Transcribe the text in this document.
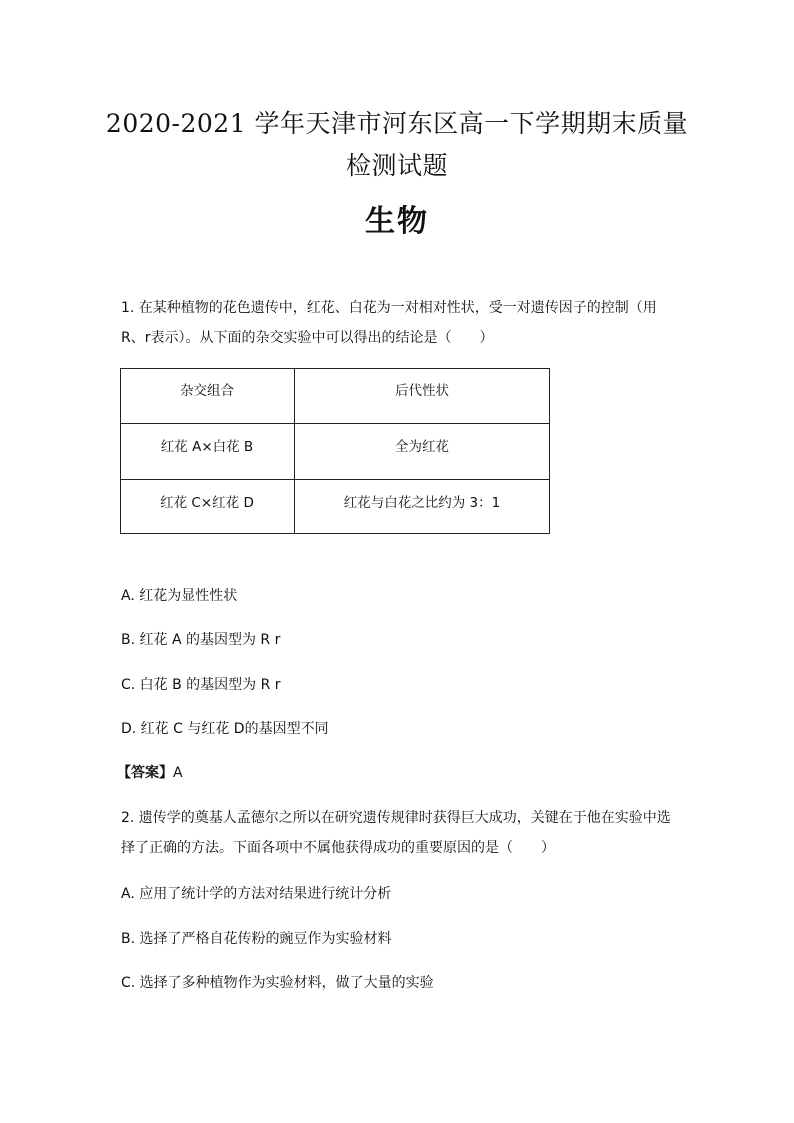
2020-2021 学年天津市河东区高一下学期期末质量
检测试题
生物
1. 在某种植物的花色遗传中，红花、白花为一对相对性状，受一对遗传因子的控制（用
R、r表示）。从下面的杂交实验中可以得出的结论是（　　）
杂交组合	后代性状
红花 A×白花 B	全为红花
红花 C×红花 D	红花与白花之比约为 3：1
A. 红花为显性性状
B. 红花 A 的基因型为 R r
C. 白花 B 的基因型为 R r
D. 红花 C 与红花 D的基因型不同
【答案】A
2. 遗传学的奠基人孟德尔之所以在研究遗传规律时获得巨大成功，关键在于他在实验中选
择了正确的方法。下面各项中不属他获得成功的重要原因的是（　　）
A. 应用了统计学的方法对结果进行统计分析
B. 选择了严格自花传粉的豌豆作为实验材料
C. 选择了多种植物作为实验材料，做了大量的实验
